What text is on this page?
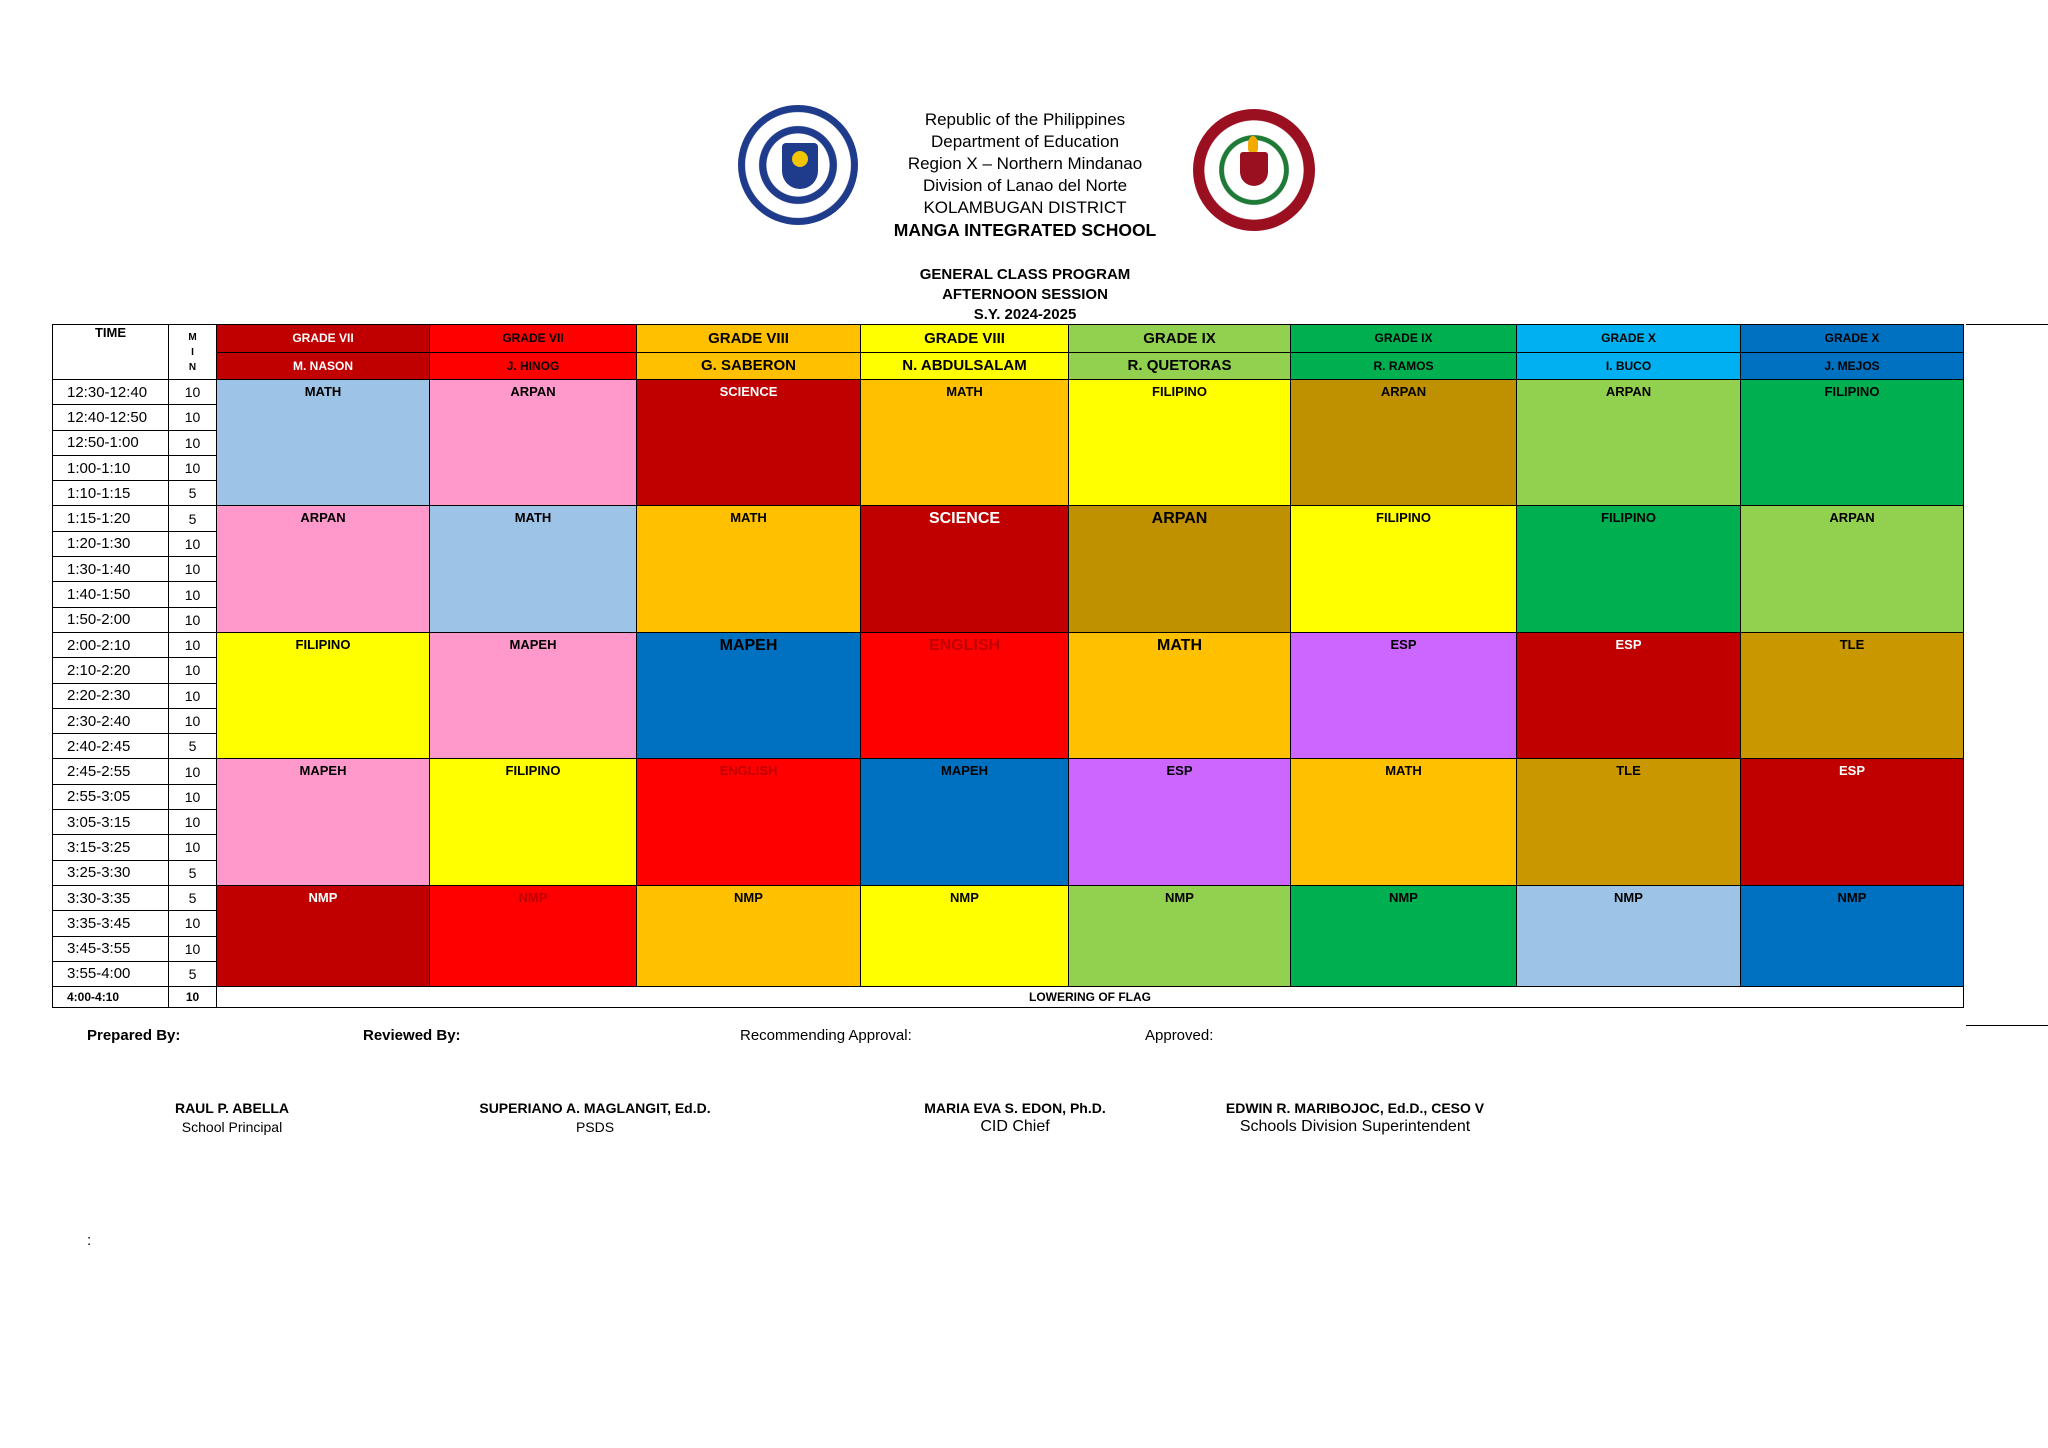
Republic of the Philippines
Department of Education
Region X – Northern Mindanao
Division of Lanao del Norte
KOLAMBUGAN DISTRICT
MANGA INTEGRATED SCHOOL
GENERAL CLASS PROGRAM
AFTERNOON SESSION
S.Y. 2024-2025
TIME	M
I
N	GRADE VII	GRADE VII	GRADE VIII	GRADE VIII	GRADE IX	GRADE IX	GRADE X	GRADE X
		M. NASON	J. HINOG	G. SABERON	N. ABDULSALAM	R. QUETORAS	R. RAMOS	I. BUCO	J. MEJOS
12:30-12:40	10	MATH	ARPAN	SCIENCE	MATH	FILIPINO	ARPAN	ARPAN	FILIPINO
12:40-12:50	10								
12:50-1:00	10								
1:00-1:10	10								
1:10-1:15	5								
1:15-1:20	5	ARPAN	MATH	MATH	SCIENCE	ARPAN	FILIPINO	FILIPINO	ARPAN
1:20-1:30	10								
1:30-1:40	10								
1:40-1:50	10								
1:50-2:00	10								
2:00-2:10	10	FILIPINO	MAPEH	MAPEH	ENGLISH	MATH	ESP	ESP	TLE
2:10-2:20	10								
2:20-2:30	10								
2:30-2:40	10								
2:40-2:45	5								
2:45-2:55	10	MAPEH	FILIPINO	ENGLISH	MAPEH	ESP	MATH	TLE	ESP
2:55-3:05	10								
3:05-3:15	10								
3:15-3:25	10								
3:25-3:30	5								
3:30-3:35	5	NMP	NMP	NMP	NMP	NMP	NMP	NMP	NMP
3:35-3:45	10								
3:45-3:55	10								
3:55-4:00	5								
4:00-4:10	10	LOWERING OF FLAG							
Prepared By:	Reviewed By:	Recommending Approval:	Approved:
RAUL P. ABELLA
School Principal
SUPERIANO A. MAGLANGIT, Ed.D.
PSDS
MARIA EVA S. EDON, Ph.D.
CID Chief
EDWIN R. MARIBOJOC, Ed.D., CESO V
Schools Division Superintendent
:
